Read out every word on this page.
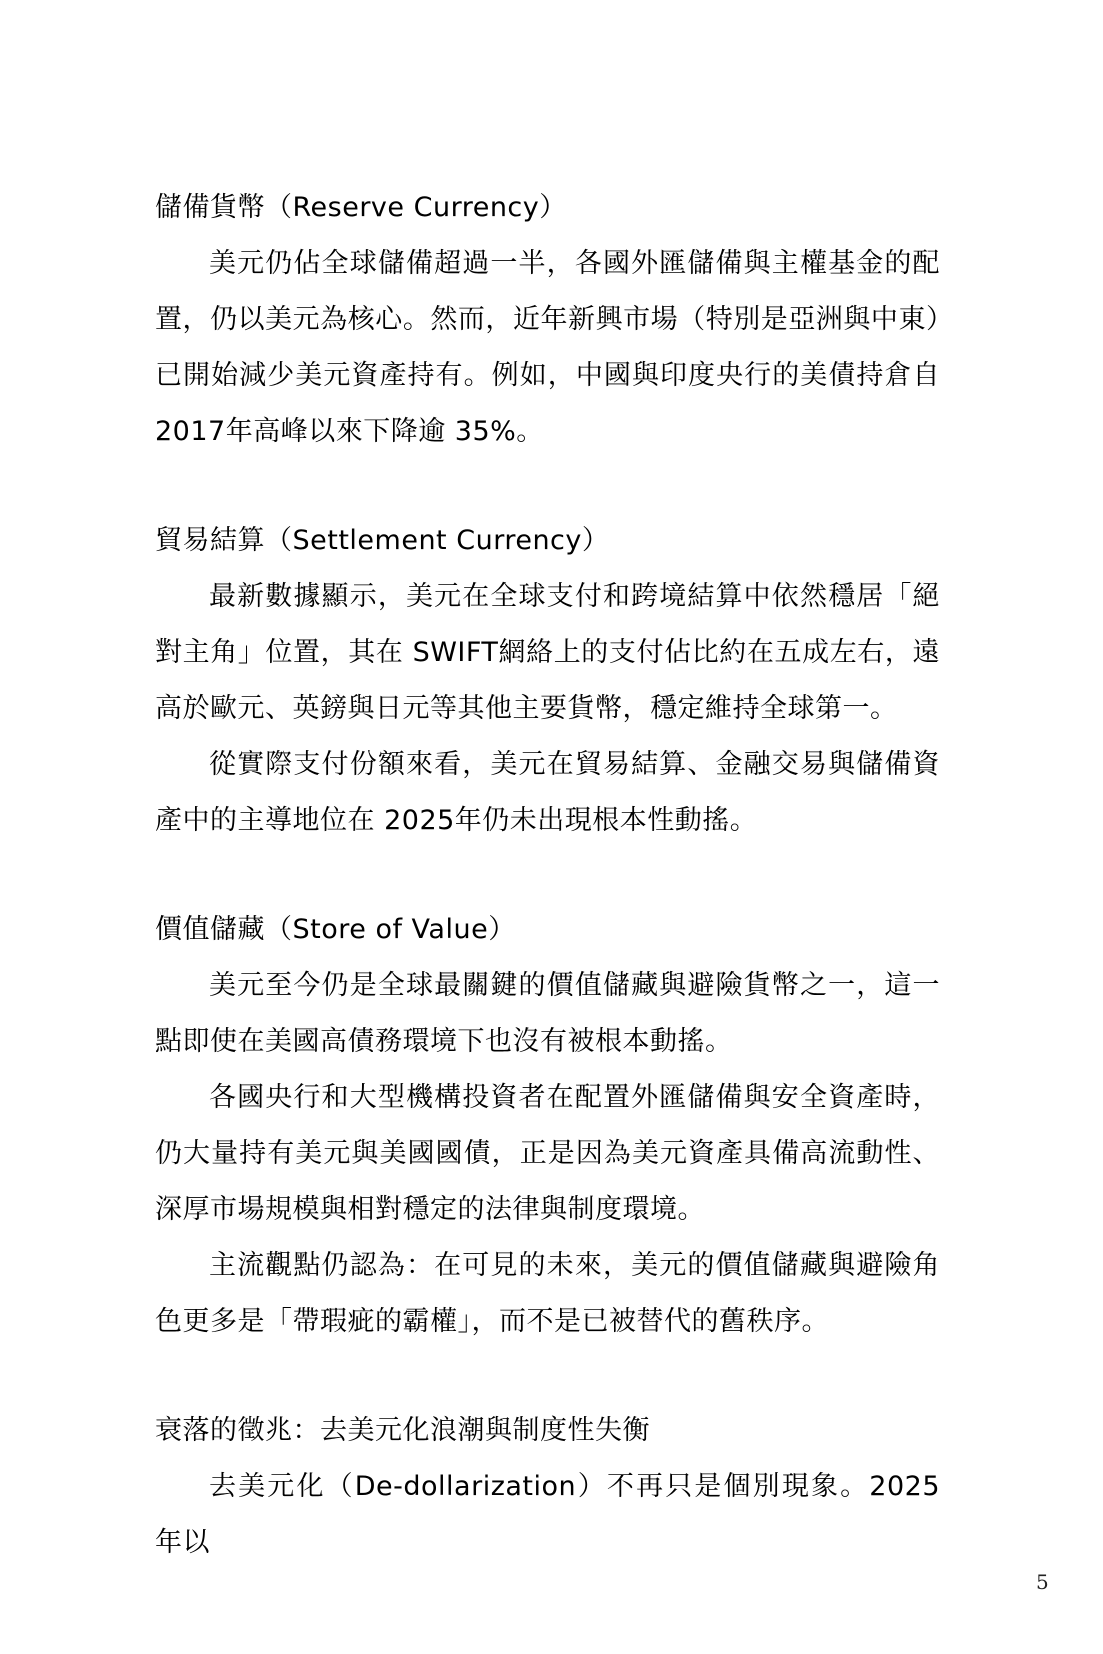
儲備貨幣（Reserve Currency）

美元仍佔全球儲備超過一半，各國外匯儲備與主權基金的配置，仍以美元為核心。然而，近年新興市場（特別是亞洲與中東）已開始減少美元資產持有。例如，中國與印度央行的美債持倉自 2017年高峰以來下降逾 35%。

貿易結算（Settlement Currency）

最新數據顯示，美元在全球支付和跨境結算中依然穩居「絕對主角」位置，其在 SWIFT網絡上的支付佔比約在五成左右，遠高於歐元、英鎊與日元等其他主要貨幣，穩定維持全球第一。

從實際支付份額來看，美元在貿易結算、金融交易與儲備資產中的主導地位在 2025年仍未出現根本性動搖。

價值儲藏（Store of Value）

美元至今仍是全球最關鍵的價值儲藏與避險貨幣之一，這一點即使在美國高債務環境下也沒有被根本動搖。

各國央行和大型機構投資者在配置外匯儲備與安全資產時，仍大量持有美元與美國國債，正是因為美元資產具備高流動性、深厚市場規模與相對穩定的法律與制度環境。

主流觀點仍認為：在可見的未來，美元的價值儲藏與避險角色更多是「帶瑕疵的霸權」，而不是已被替代的舊秩序。

衰落的徵兆：去美元化浪潮與制度性失衡

去美元化（De-dollarization）不再只是個別現象。2025年以

5
